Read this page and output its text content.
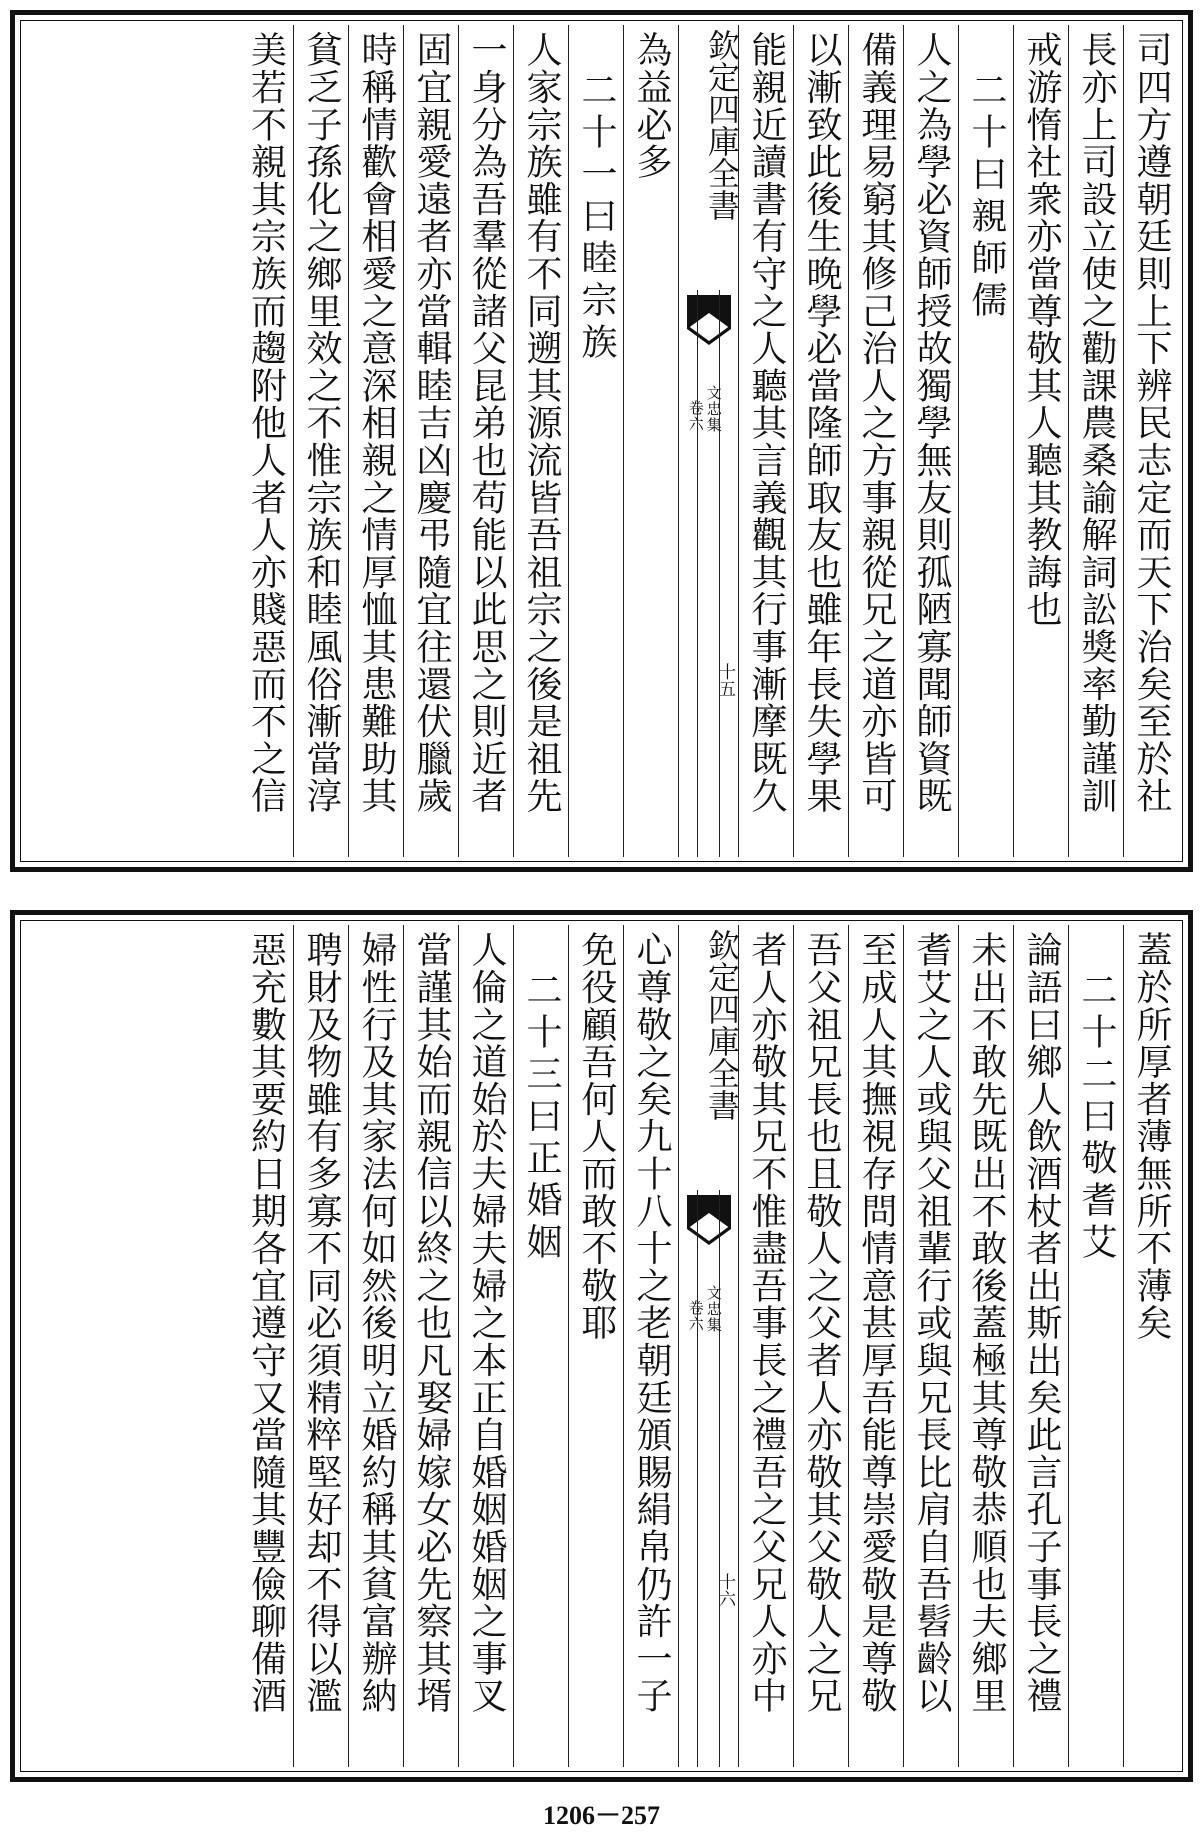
司四方遵朝廷則上下辨民志定而天下治矣至於社
長亦上司設立使之勸課農桑諭解詞訟獎率勤謹訓
戒游惰社衆亦當尊敬其人聽其教誨也
二十曰親師儒
人之為學必資師授故獨學無友則孤陋寡聞師資既
備義理易窮其修己治人之方事親從兄之道亦皆可
以漸致此後生晚學必當隆師取友也雖年長失學果
能親近讀書有守之人聽其言義觀其行事漸摩既久
欽定四庫全書
文忠集
卷六
十五
為益必多
二十一曰睦宗族
人家宗族雖有不同遡其源流皆吾祖宗之後是祖先
一身分為吾羣從諸父昆弟也苟能以此思之則近者
固宜親愛遠者亦當輯睦吉凶慶弔隨宜往還伏臘歲
時稱情歡會相愛之意深相親之情厚恤其患難助其
貧乏子孫化之鄉里效之不惟宗族和睦風俗漸當淳
美若不親其宗族而趨附他人者人亦賤惡而不之信
蓋於所厚者薄無所不薄矣
二十二曰敬耆艾
論語曰鄉人飲酒杖者出斯出矣此言孔子事長之禮
未出不敢先既出不敢後蓋極其尊敬恭順也夫鄉里
耆艾之人或與父祖輩行或與兄長比肩自吾髫齡以
至成人其撫視存問情意甚厚吾能尊崇愛敬是尊敬
吾父祖兄長也且敬人之父者人亦敬其父敬人之兄
者人亦敬其兄不惟盡吾事長之禮吾之父兄人亦中
欽定四庫全書
文忠集
卷六
十六
心尊敬之矣九十八十之老朝廷頒賜絹帛仍許一子
免役顧吾何人而敢不敬耶
二十三曰正婚姻
人倫之道始於夫婦夫婦之本正自婚姻婚姻之事叉
當謹其始而親信以終之也凡娶婦嫁女必先察其壻
婦性行及其家法何如然後明立婚約稱其貧富辦納
聘財及物雖有多寡不同必須精粹堅好却不得以濫
惡充數其要約日期各宜遵守又當隨其豐儉聊備酒
1206－257
